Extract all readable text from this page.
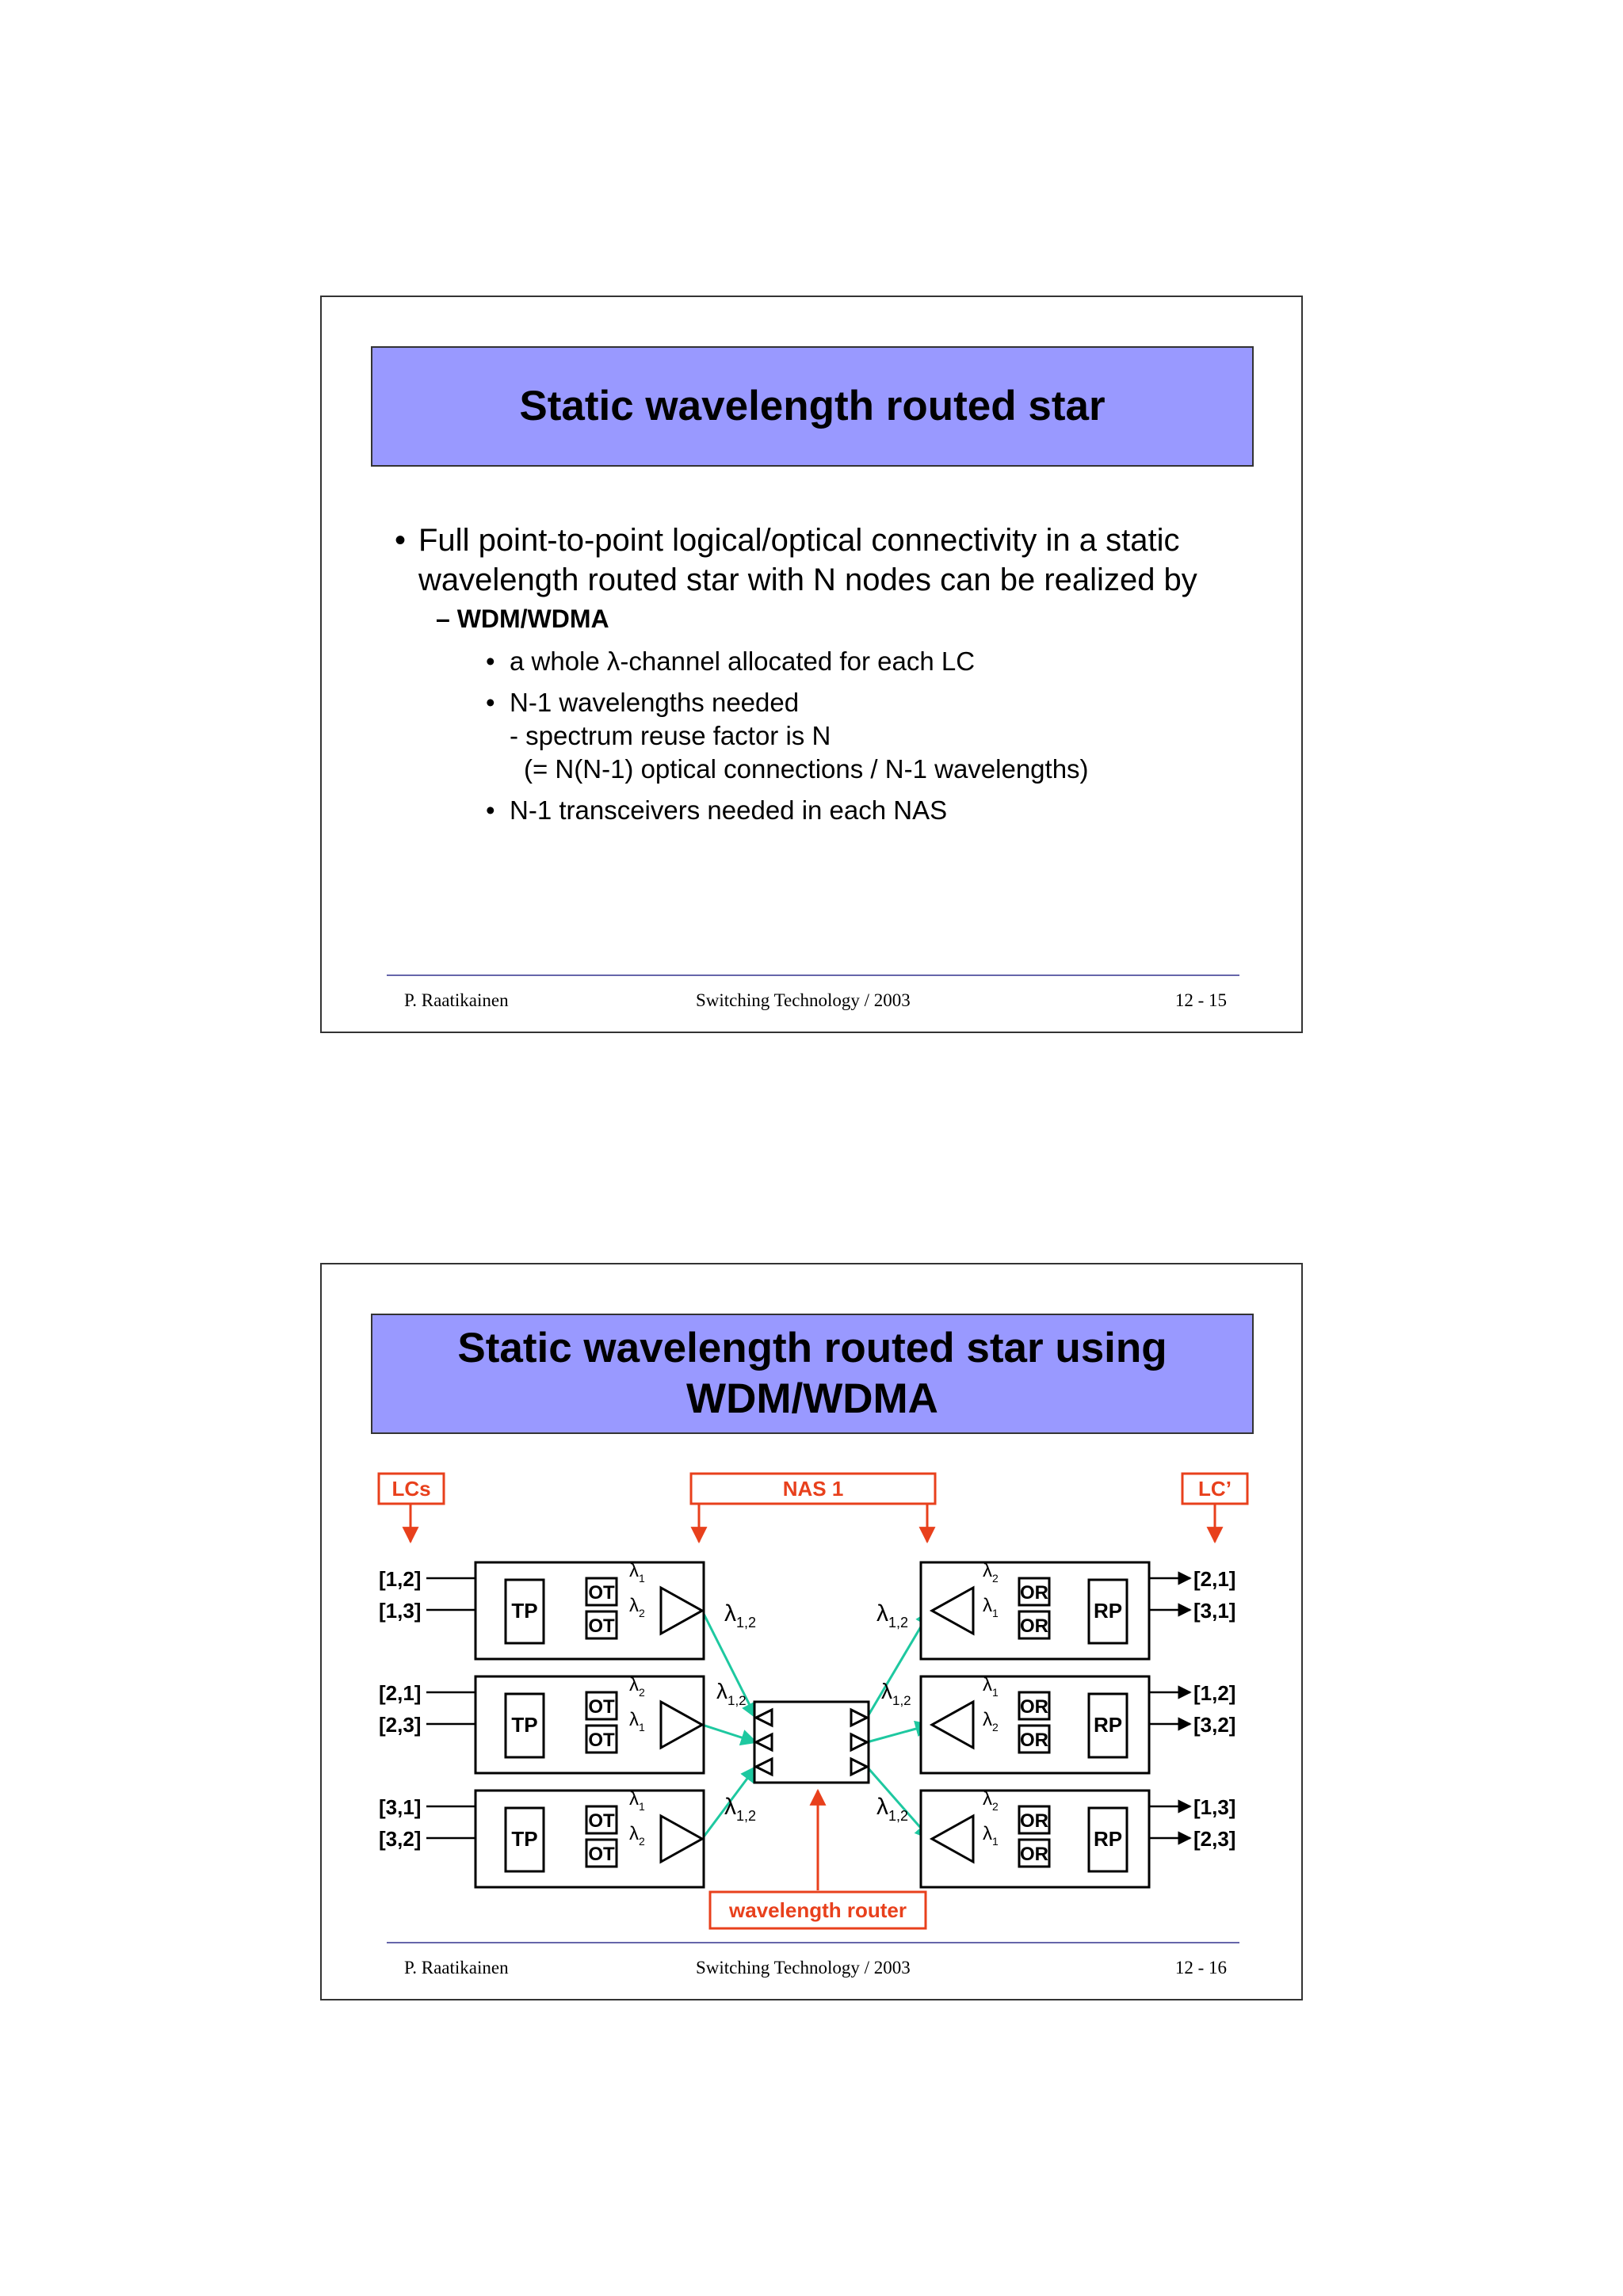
Static wavelength routed star
• Full point-to-point logical/optical connectivity in a static wavelength routed star with N nodes can be realized by
– WDM/WDMA
• a whole λ-channel allocated for each LC
• N-1 wavelengths needed
- spectrum reuse factor is N
(= N(N-1) optical connections / N-1 wavelengths)
• N-1 transceivers needed in each NAS
P. Raatikainen	Switching Technology / 2003	12 - 15
Static wavelength routed star using
WDM/WDMA
LCs	NAS 1	LC’
wavelength router
TP
OT
OT
[1,2]
[1,3]
$\lambda_1$
$\lambda_2$
OR
OR
RP
$\lambda_2$
$\lambda_1$
[2,1]
[3,1]
TP
OT
OT
[2,1]
[2,3]
$\lambda_2$
$\lambda_1$
OR
OR
RP
$\lambda_1$
$\lambda_2$
[1,2]
[3,2]
TP
OT
OT
[3,1]
[3,2]
$\lambda_1$
$\lambda_2$
OR
OR
RP
$\lambda_2$
$\lambda_1$
[1,3]
[2,3]
$\lambda_{1,2}$	$\lambda_{1,2}$
$\lambda_{1,2}$	$\lambda_{1,2}$
$\lambda_{1,2}$	$\lambda_{1,2}$
P. Raatikainen	Switching Technology / 2003	12 - 16
